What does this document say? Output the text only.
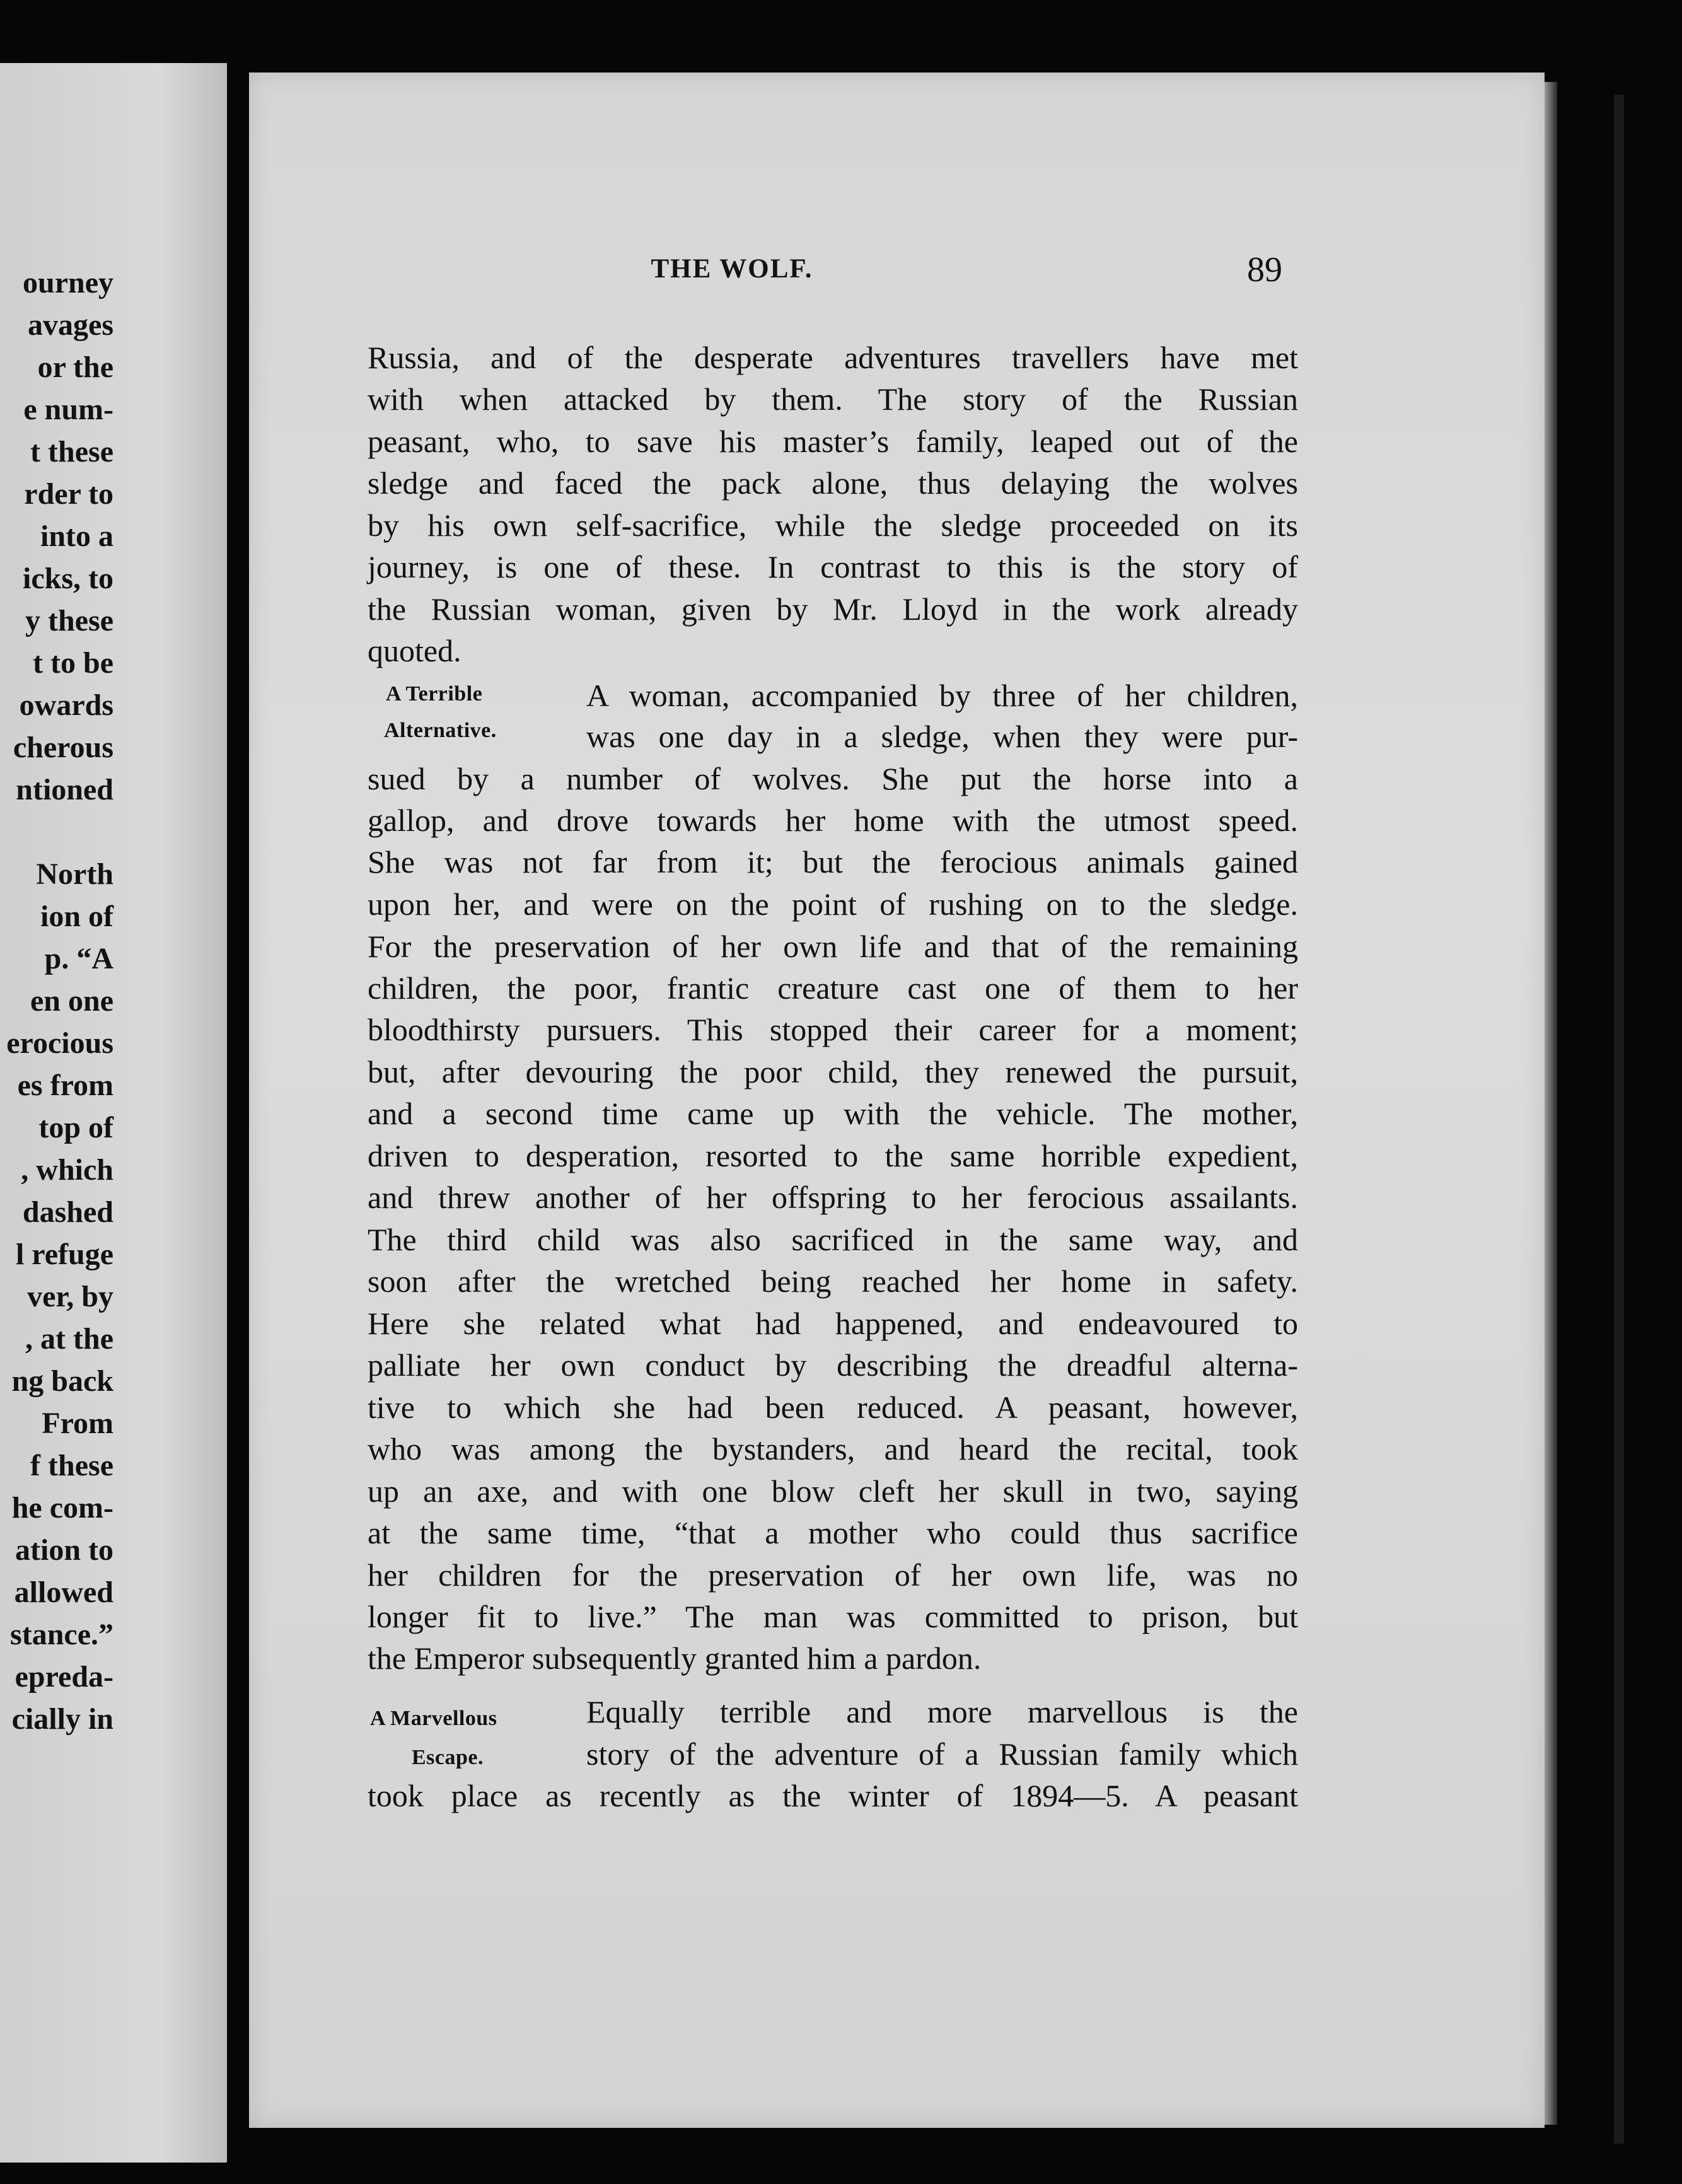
ourney
avages
or the
e num-
t these
rder to
into a
icks, to
y these
t to be
owards
cherous
ntioned
North
ion of
p. “A
en one
erocious
es from
top of
, which
dashed
l refuge
ver, by
, at the
ng back
From
f these
he com-
ation to
allowed
stance.”
epreda-
cially in
THE WOLF.	89
Russia, and of the desperate adventures travellers have met
with when attacked by them. The story of the Russian
peasant, who, to save his master’s family, leaped out of the
sledge and faced the pack alone, thus delaying the wolves
by his own self-sacrifice, while the sledge proceeded on its
journey, is one of these. In contrast to this is the story of
the Russian woman, given by Mr. Lloyd in the work already
quoted.
A woman, accompanied by three of her children,
was one day in a sledge, when they were pur-
sued by a number of wolves. She put the horse into a
gallop, and drove towards her home with the utmost speed.
She was not far from it; but the ferocious animals gained
upon her, and were on the point of rushing on to the sledge.
For the preservation of her own life and that of the remaining
children, the poor, frantic creature cast one of them to her
bloodthirsty pursuers. This stopped their career for a moment;
but, after devouring the poor child, they renewed the pursuit,
and a second time came up with the vehicle. The mother,
driven to desperation, resorted to the same horrible expedient,
and threw another of her offspring to her ferocious assailants.
The third child was also sacrificed in the same way, and
soon after the wretched being reached her home in safety.
Here she related what had happened, and endeavoured to
palliate her own conduct by describing the dreadful alterna-
tive to which she had been reduced. A peasant, however,
who was among the bystanders, and heard the recital, took
up an axe, and with one blow cleft her skull in two, saying
at the same time, “that a mother who could thus sacrifice
her children for the preservation of her own life, was no
longer fit to live.” The man was committed to prison, but
the Emperor subsequently granted him a pardon.
Equally terrible and more marvellous is the
story of the adventure of a Russian family which
took place as recently as the winter of 1894—5. A peasant
A Terrible
Alternative.
A Marvellous
Escape.
